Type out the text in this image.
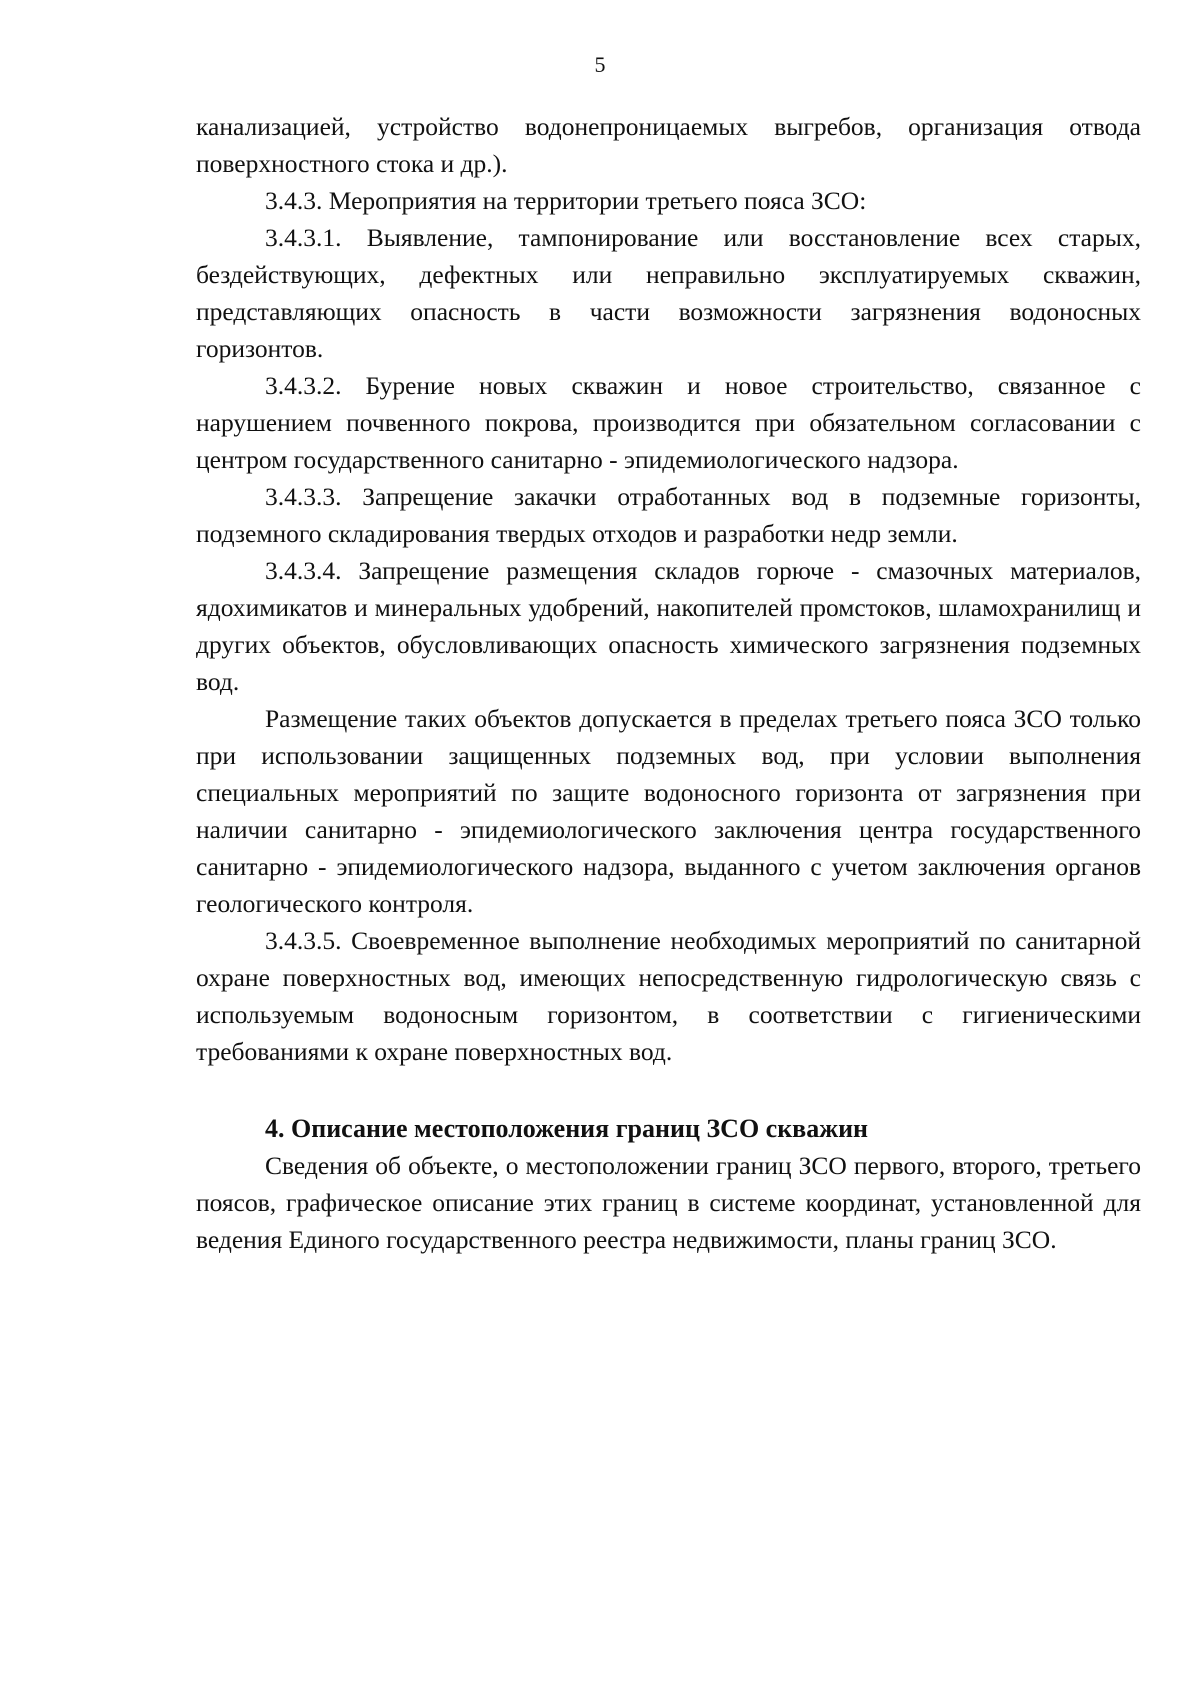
5

канализацией, устройство водонепроницаемых выгребов, организация отвода поверхностного стока и др.).

3.4.3. Мероприятия на территории третьего пояса ЗСО:

3.4.3.1. Выявление, тампонирование или восстановление всех старых, бездействующих, дефектных или неправильно эксплуатируемых скважин, представляющих опасность в части возможности загрязнения водоносных горизонтов.

3.4.3.2. Бурение новых скважин и новое строительство, связанное с нарушением почвенного покрова, производится при обязательном согласовании с центром государственного санитарно - эпидемиологического надзора.

3.4.3.3. Запрещение закачки отработанных вод в подземные горизонты, подземного складирования твердых отходов и разработки недр земли.

3.4.3.4. Запрещение размещения складов горюче - смазочных материалов, ядохимикатов и минеральных удобрений, накопителей промстоков, шламохранилищ и других объектов, обусловливающих опасность химического загрязнения подземных вод.

Размещение таких объектов допускается в пределах третьего пояса ЗСО только при использовании защищенных подземных вод, при условии выполнения специальных мероприятий по защите водоносного горизонта от загрязнения при наличии санитарно - эпидемиологического заключения центра государственного санитарно - эпидемиологического надзора, выданного с учетом заключения органов геологического контроля.

3.4.3.5. Своевременное выполнение необходимых мероприятий по санитарной охране поверхностных вод, имеющих непосредственную гидрологическую связь с используемым водоносным горизонтом, в соответствии с гигиеническими требованиями к охране поверхностных вод.

4. Описание местоположения границ ЗСО скважин

Сведения об объекте, о местоположении границ ЗСО первого, второго, третьего поясов, графическое описание этих границ в системе координат, установленной для ведения Единого государственного реестра недвижимости, планы границ ЗСО.
